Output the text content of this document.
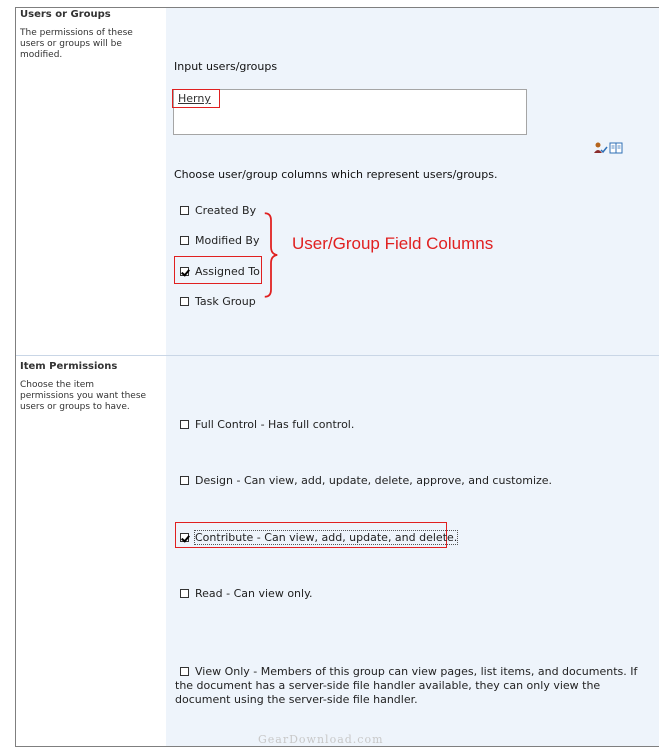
Users or Groups
The permissions of these users or groups will be modified.
Input users/groups
Herny
Choose user/group columns which represent users/groups.
Created By
Modified By
Assigned To
Task Group
User/Group Field Columns
Item Permissions
Choose the item permissions you want these users or groups to have.
Full Control - Has full control.
Design - Can view, add, update, delete, approve, and customize.
Contribute - Can view, add, update, and delete.
Read - Can view only.
View Only - Members of this group can view pages, list items, and documents. If the document has a server-side file handler available, they can only view the document using the server-side file handler.
GearDownload.com
